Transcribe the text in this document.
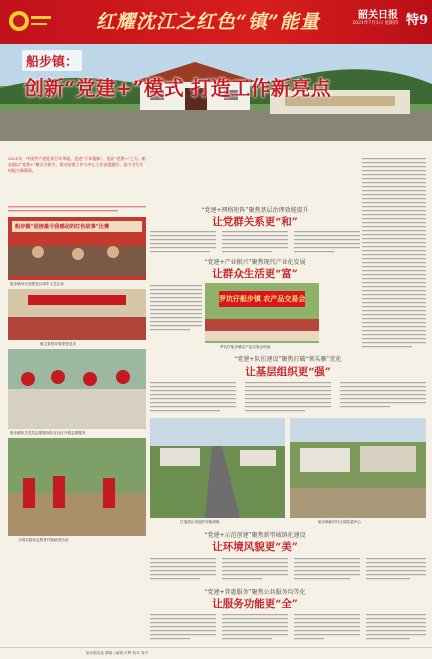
红耀沈江之红色“镇”能量	韶关日报
2021年7月1日 星期四 特9
船步镇：
创新“党建+”模式 打造工作新亮点
2021年，中国共产党迎来百年华诞。走进“千年根脉”，见证“党建+”之力。船步镇以“党建+”模式为抓手，推动党建工作与中心工作深度融合，奋力书写乡村振兴新篇章。
船步镇“迎接最令我感动的红色故事”比赛
船步镇举行迎建党百周年文艺汇演
镇主要领导看望老党员
船步镇机关党员志愿服务队在社区开展志愿服务
文明实践站志愿者开展助老活动
“党建+网格矩阵”聚焦基层治理效能提升
让党群关系更“和”
“党建+产业振兴”聚焦现代产业化发展
让群众生活更“富”
罗坑仔船步镇 农产品交易会
罗坑仔船步镇农产品交易会现场
“党建+队伍建设”聚焦打破“领头雁”优化
让基层组织更“强”
打造湾区美丽乡村新面貌	船步镇新时代文明实践中心
“党建+示范创建”聚焦新型城镇化建设
让环境风貌更“美”
“党建+普惠服务”聚焦公共服务均等化
让服务功能更“全”
船步镇党委 撰稿 | 编辑 叶辉 校对 刘丹
